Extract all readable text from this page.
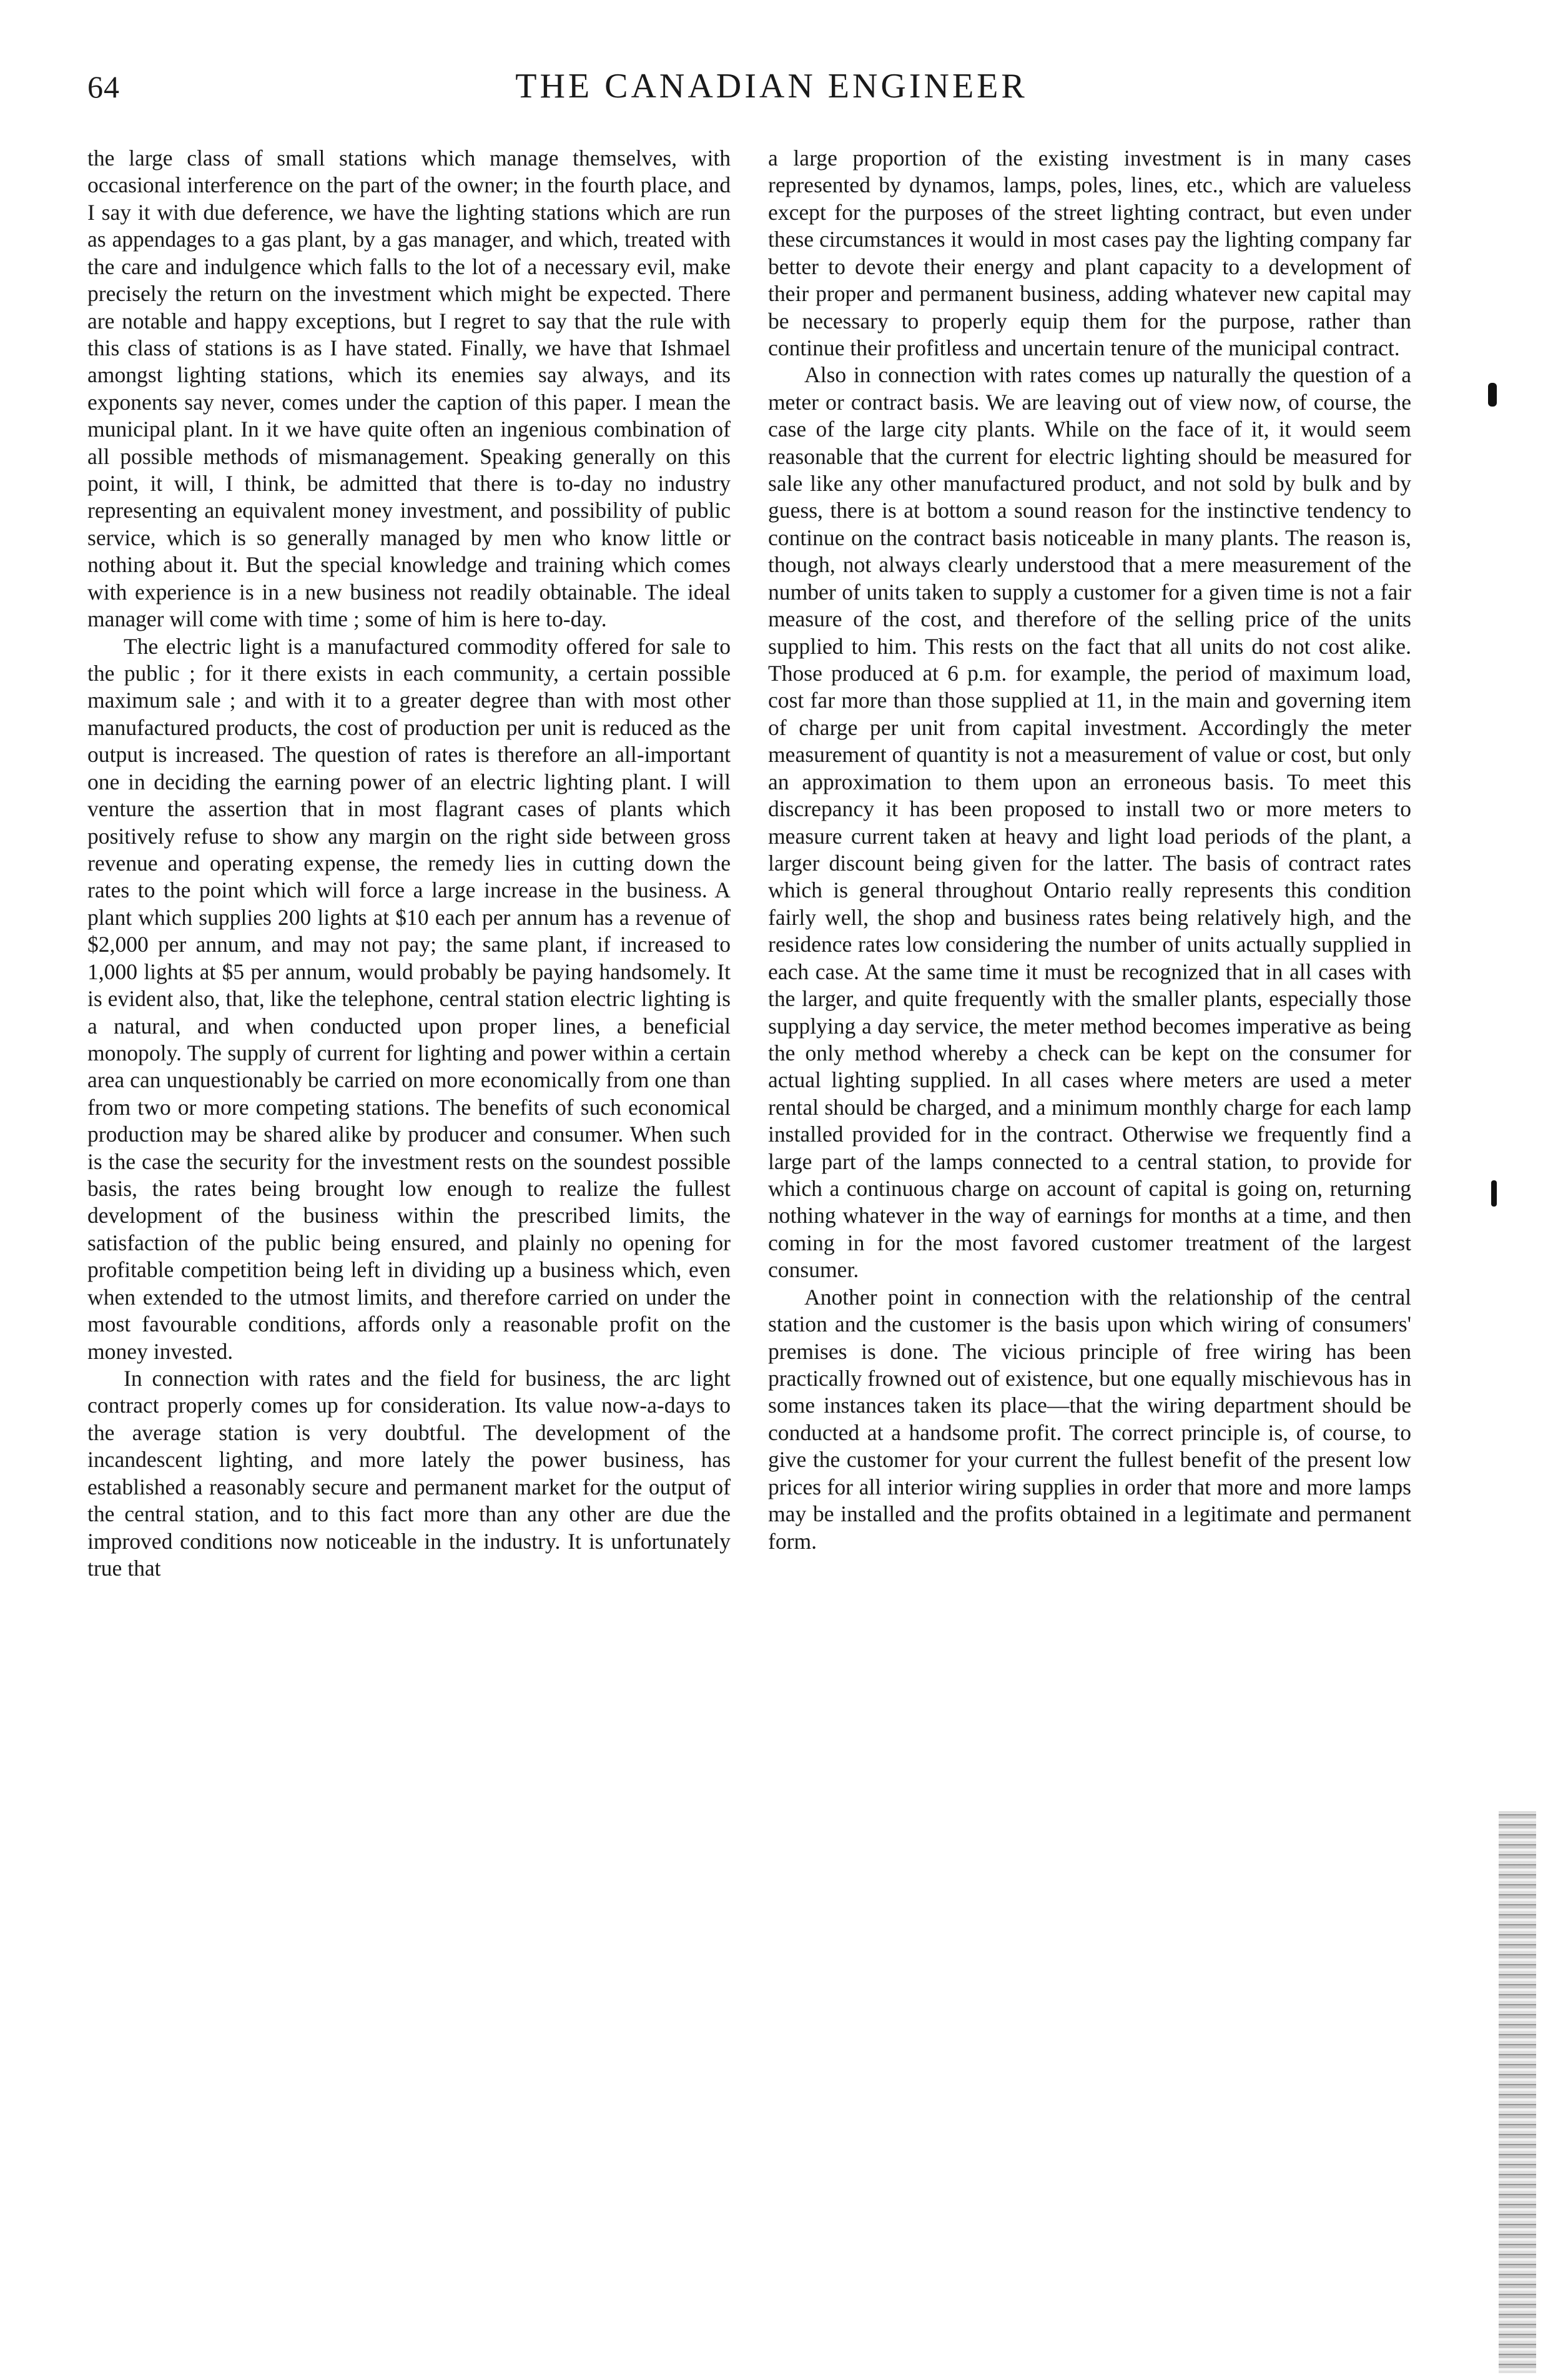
64	THE CANADIAN ENGINEER

the large class of small stations which manage themselves, with occasional interference on the part of the owner; in the fourth place, and I say it with due deference, we have the lighting stations which are run as appendages to a gas plant, by a gas manager, and which, treated with the care and indulgence which falls to the lot of a necessary evil, make precisely the return on the investment which might be expected. There are notable and happy exceptions, but I regret to say that the rule with this class of stations is as I have stated. Finally, we have that Ishmael amongst lighting stations, which its enemies say always, and its exponents say never, comes under the caption of this paper. I mean the municipal plant. In it we have quite often an ingenious combination of all possible methods of mismanagement. Speaking generally on this point, it will, I think, be admitted that there is to-day no industry representing an equivalent money investment, and possibility of public service, which is so generally managed by men who know little or nothing about it. But the special knowledge and training which comes with experience is in a new business not readily obtainable. The ideal manager will come with time ; some of him is here to-day.

The electric light is a manufactured commodity offered for sale to the public ; for it there exists in each community, a certain possible maximum sale ; and with it to a greater degree than with most other manufactured products, the cost of production per unit is reduced as the output is increased. The question of rates is therefore an all-important one in deciding the earning power of an electric lighting plant. I will venture the assertion that in most flagrant cases of plants which positively refuse to show any margin on the right side between gross revenue and operating expense, the remedy lies in cutting down the rates to the point which will force a large increase in the business. A plant which supplies 200 lights at $10 each per annum has a revenue of $2,000 per annum, and may not pay; the same plant, if increased to 1,000 lights at $5 per annum, would probably be paying handsomely. It is evident also, that, like the telephone, central station electric lighting is a natural, and when conducted upon proper lines, a beneficial monopoly. The supply of current for lighting and power within a certain area can unquestionably be carried on more economically from one than from two or more competing stations. The benefits of such economical production may be shared alike by producer and consumer. When such is the case the security for the investment rests on the soundest possible basis, the rates being brought low enough to realize the fullest development of the business within the prescribed limits, the satisfaction of the public being ensured, and plainly no opening for profitable competition being left in dividing up a business which, even when extended to the utmost limits, and therefore carried on under the most favourable conditions, affords only a reasonable profit on the money invested.

In connection with rates and the field for business, the arc light contract properly comes up for consideration. Its value now-a-days to the average station is very doubtful. The development of the incandescent lighting, and more lately the power business, has established a reasonably secure and permanent market for the output of the central station, and to this fact more than any other are due the improved conditions now noticeable in the industry. It is unfortunately true that

a large proportion of the existing investment is in many cases represented by dynamos, lamps, poles, lines, etc., which are valueless except for the purposes of the street lighting contract, but even under these circumstances it would in most cases pay the lighting company far better to devote their energy and plant capacity to a development of their proper and permanent business, adding whatever new capital may be necessary to properly equip them for the purpose, rather than continue their profitless and uncertain tenure of the municipal contract.

Also in connection with rates comes up naturally the question of a meter or contract basis. We are leaving out of view now, of course, the case of the large city plants. While on the face of it, it would seem reasonable that the current for electric lighting should be measured for sale like any other manufactured product, and not sold by bulk and by guess, there is at bottom a sound reason for the instinctive tendency to continue on the contract basis noticeable in many plants. The reason is, though, not always clearly understood that a mere measurement of the number of units taken to supply a customer for a given time is not a fair measure of the cost, and therefore of the selling price of the units supplied to him. This rests on the fact that all units do not cost alike. Those produced at 6 p.m. for example, the period of maximum load, cost far more than those supplied at 11, in the main and governing item of charge per unit from capital investment. Accordingly the meter measurement of quantity is not a measurement of value or cost, but only an approximation to them upon an erroneous basis. To meet this discrepancy it has been proposed to install two or more meters to measure current taken at heavy and light load periods of the plant, a larger discount being given for the latter. The basis of contract rates which is general throughout Ontario really represents this condition fairly well, the shop and business rates being relatively high, and the residence rates low considering the number of units actually supplied in each case. At the same time it must be recognized that in all cases with the larger, and quite frequently with the smaller plants, especially those supplying a day service, the meter method becomes imperative as being the only method whereby a check can be kept on the consumer for actual lighting supplied. In all cases where meters are used a meter rental should be charged, and a minimum monthly charge for each lamp installed provided for in the contract. Otherwise we frequently find a large part of the lamps connected to a central station, to provide for which a continuous charge on account of capital is going on, returning nothing whatever in the way of earnings for months at a time, and then coming in for the most favored customer treatment of the largest consumer.

Another point in connection with the relationship of the central station and the customer is the basis upon which wiring of consumers' premises is done. The vicious principle of free wiring has been practically frowned out of existence, but one equally mischievous has in some instances taken its place—that the wiring department should be conducted at a handsome profit. The correct principle is, of course, to give the customer for your current the fullest benefit of the present low prices for all interior wiring supplies in order that more and more lamps may be installed and the profits obtained in a legitimate and permanent form.
